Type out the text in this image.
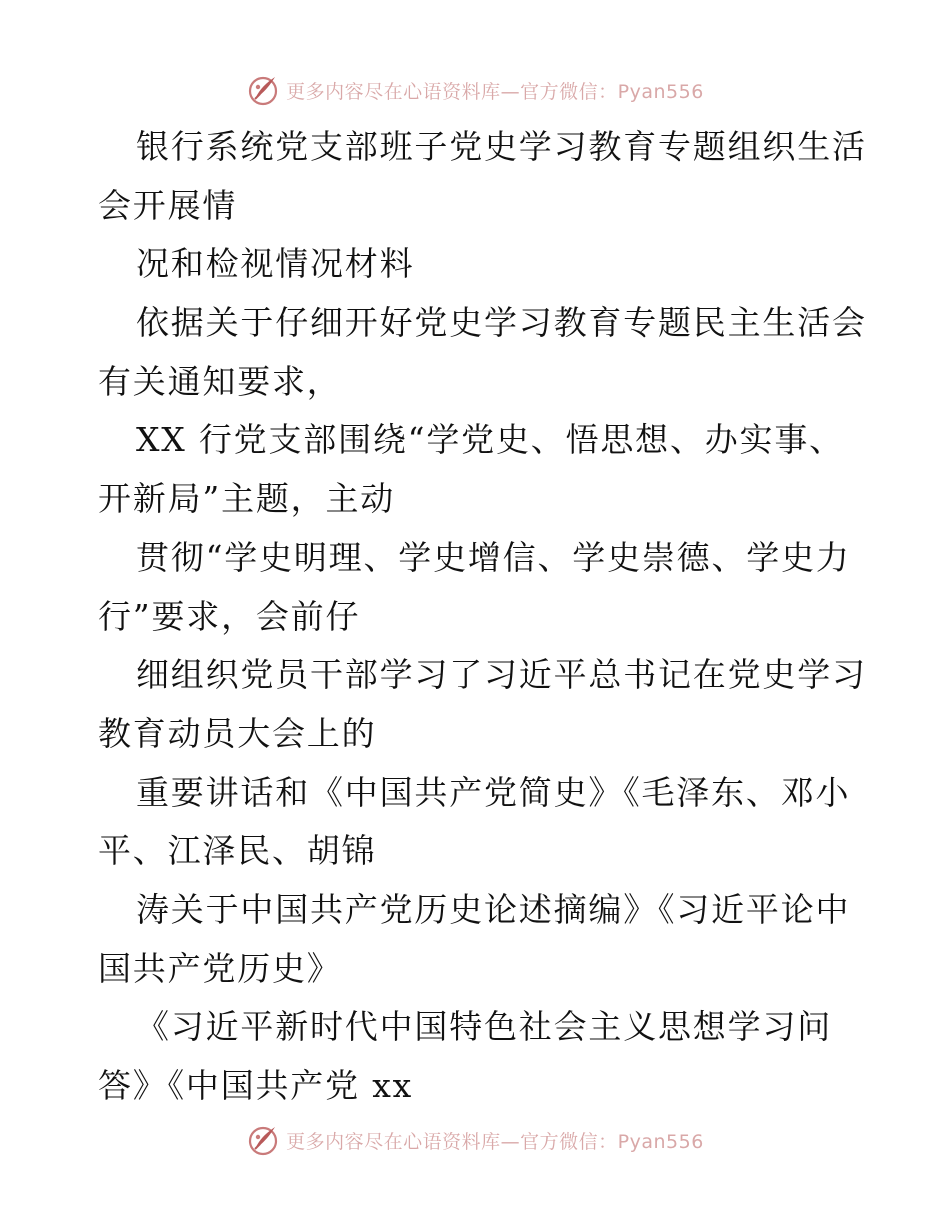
更多内容尽在心语资料库—官方微信：Pyan556
银行系统党支部班子党史学习教育专题组织生活
会开展情
况和检视情况材料
依据关于仔细开好党史学习教育专题民主生活会
有关通知要求，
XX 行党支部围绕“学党史、悟思想、办实事、
开新局”主题，主动
贯彻“学史明理、学史增信、学史崇德、学史力
行”要求，会前仔
细组织党员干部学习了习近平总书记在党史学习
教育动员大会上的
重要讲话和《中国共产党简史》《毛泽东、邓小
平、江泽民、胡锦
涛关于中国共产党历史论述摘编》《习近平论中
国共产党历史》
《习近平新时代中国特色社会主义思想学习问
答》《中国共产党 xx
更多内容尽在心语资料库—官方微信：Pyan556
